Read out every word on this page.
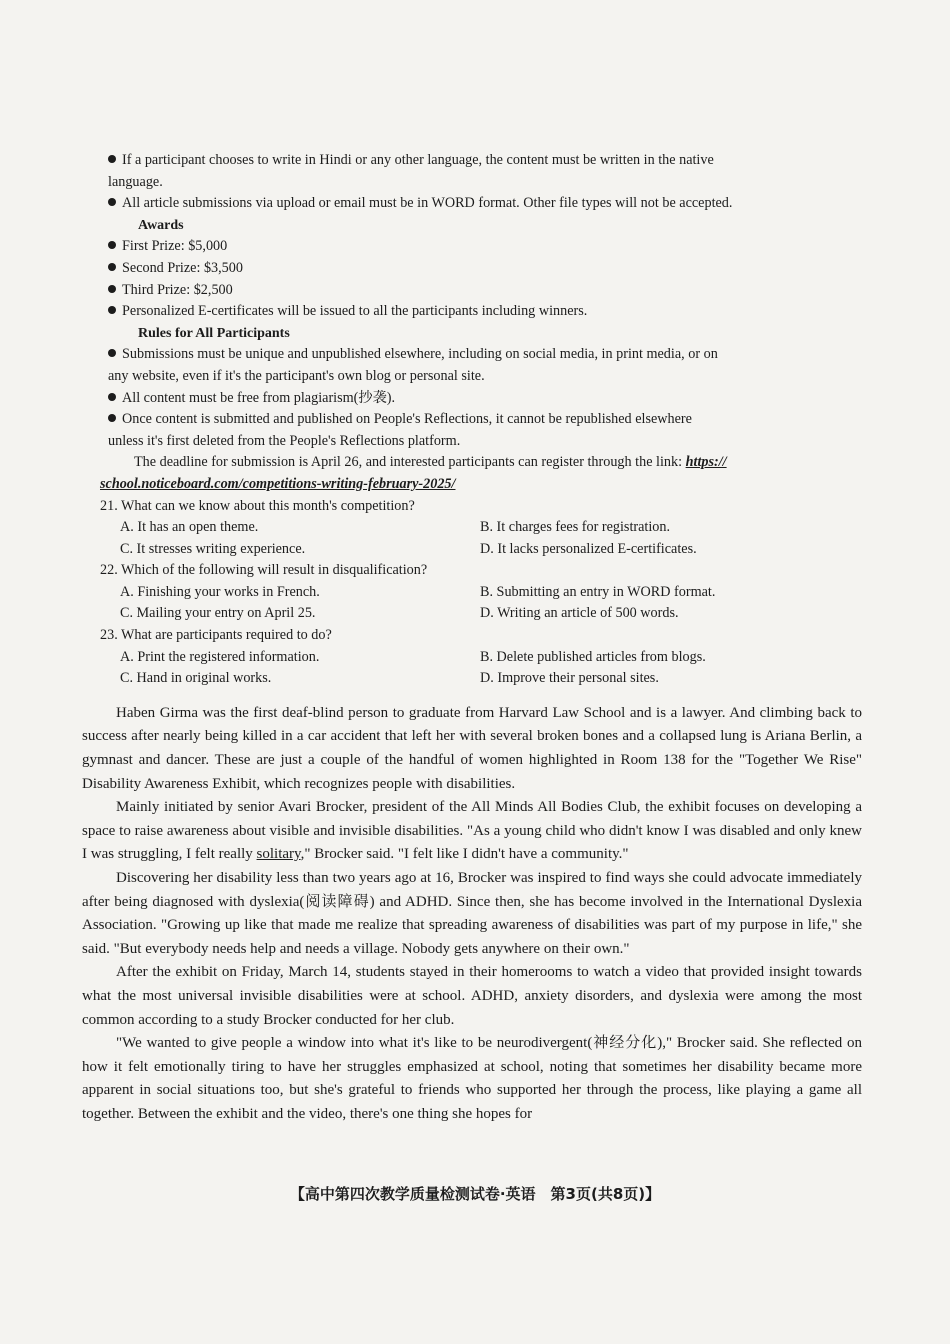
If a participant chooses to write in Hindi or any other language, the content must be written in the native

language.

All article submissions via upload or email must be in WORD format. Other file types will not be accepted.

Awards

First Prize: $5,000

Second Prize: $3,500

Third Prize: $2,500

Personalized E-certificates will be issued to all the participants including winners.

Rules for All Participants

Submissions must be unique and unpublished elsewhere, including on social media, in print media, or on

any website, even if it's the participant's own blog or personal site.

All content must be free from plagiarism(抄袭).

Once content is submitted and published on People's Reflections, it cannot be republished elsewhere

unless it's first deleted from the People's Reflections platform.

The deadline for submission is April 26, and interested participants can register through the link: https://

school.noticeboard.com/competitions-writing-february-2025/

21. What can we know about this month's competition?

A. It has an open theme.	B. It charges fees for registration.
C. It stresses writing experience.	D. It lacks personalized E-certificates.

22. Which of the following will result in disqualification?

A. Finishing your works in French.	B. Submitting an entry in WORD format.
C. Mailing your entry on April 25.	D. Writing an article of 500 words.

23. What are participants required to do?

A. Print the registered information.	B. Delete published articles from blogs.
C. Hand in original works.	D. Improve their personal sites.

Haben Girma was the first deaf-blind person to graduate from Harvard Law School and is a lawyer. And climbing back to success after nearly being killed in a car accident that left her with several broken bones and a collapsed lung is Ariana Berlin, a gymnast and dancer. These are just a couple of the handful of women highlighted in Room 138 for the "Together We Rise" Disability Awareness Exhibit, which recognizes people with disabilities.

Mainly initiated by senior Avari Brocker, president of the All Minds All Bodies Club, the exhibit focuses on developing a space to raise awareness about visible and invisible disabilities. "As a young child who didn't know I was disabled and only knew I was struggling, I felt really solitary," Brocker said. "I felt like I didn't have a community."

Discovering her disability less than two years ago at 16, Brocker was inspired to find ways she could advocate immediately after being diagnosed with dyslexia(阅读障碍) and ADHD. Since then, she has become involved in the International Dyslexia Association. "Growing up like that made me realize that spreading awareness of disabilities was part of my purpose in life," she said. "But everybody needs help and needs a village. Nobody gets anywhere on their own."

After the exhibit on Friday, March 14, students stayed in their homerooms to watch a video that provided insight towards what the most universal invisible disabilities were at school. ADHD, anxiety disorders, and dyslexia were among the most common according to a study Brocker conducted for her club.

"We wanted to give people a window into what it's like to be neurodivergent(神经分化)," Brocker said. She reflected on how it felt emotionally tiring to have her struggles emphasized at school, noting that sometimes her disability became more apparent in social situations too, but she's grateful to friends who supported her through the process, like playing a game all together. Between the exhibit and the video, there's one thing she hopes for

【高中第四次教学质量检测试卷·英语　第3页(共8页)】
